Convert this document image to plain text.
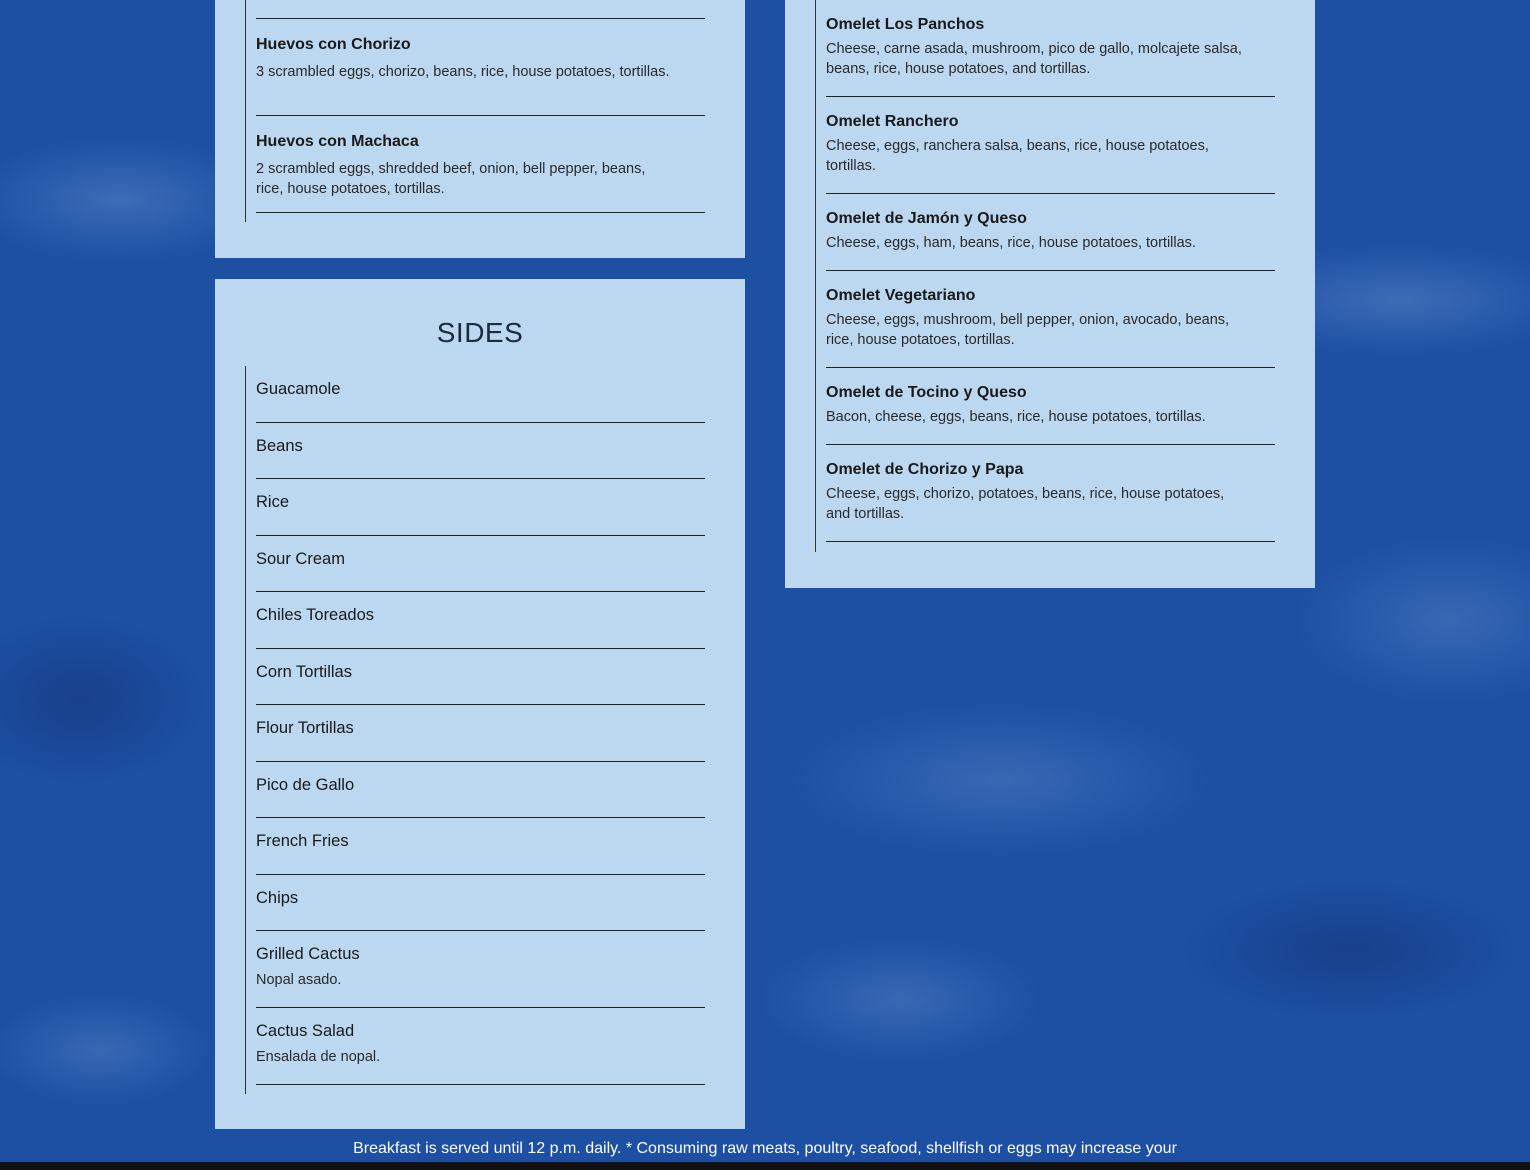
Huevos con Chorizo
3 scrambled eggs, chorizo, beans, rice, house potatoes, tortillas.
Huevos con Machaca
2 scrambled eggs, shredded beef, onion, bell pepper, beans, rice, house potatoes, tortillas.
SIDES
Guacamole
Beans
Rice
Sour Cream
Chiles Toreados
Corn Tortillas
Flour Tortillas
Pico de Gallo
French Fries
Chips
Grilled Cactus
Nopal asado.
Cactus Salad
Ensalada de nopal.
Omelet Los Panchos
Cheese, carne asada, mushroom, pico de gallo, molcajete salsa, beans, rice, house potatoes, and tortillas.
Omelet Ranchero
Cheese, eggs, ranchera salsa, beans, rice, house potatoes, tortillas.
Omelet de Jamón y Queso
Cheese, eggs, ham, beans, rice, house potatoes, tortillas.
Omelet Vegetariano
Cheese, eggs, mushroom, bell pepper, onion, avocado, beans, rice, house potatoes, tortillas.
Omelet de Tocino y Queso
Bacon, cheese, eggs, beans, rice, house potatoes, tortillas.
Omelet de Chorizo y Papa
Cheese, eggs, chorizo, potatoes, beans, rice, house potatoes, and tortillas.
Breakfast is served until 12 p.m. daily. * Consuming raw meats, poultry, seafood, shellfish or eggs may increase your
